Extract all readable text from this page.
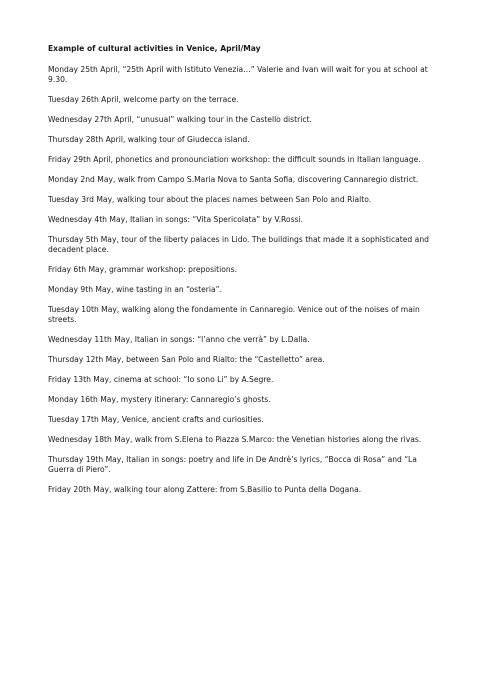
Example of cultural activities in Venice, April/May

Monday 25th April, “25th April with Istituto Venezia…” Valerie and Ivan will wait for you at school at 9.30.

Tuesday 26th April, welcome party on the terrace.

Wednesday 27th April, “unusual” walking tour in the Castello district.

Thursday 28th April, walking tour of Giudecca island.

Friday 29th April, phonetics and pronounciation workshop: the difficult sounds in Italian language.

Monday 2nd May, walk from Campo S.Maria Nova to Santa Sofia, discovering Cannaregio district.

Tuesday 3rd May, walking tour about the places names between San Polo and Rialto.

Wednesday 4th May, Italian in songs: “Vita Spericolata” by V.Rossi.

Thursday 5th May, tour of the liberty palaces in Lido. The buildings that made it a sophisticated and decadent place.

Friday 6th May, grammar workshop: prepositions.

Monday 9th May, wine tasting in an “osteria”.

Tuesday 10th May, walking along the fondamente in Cannaregio. Venice out of the noises of main streets.

Wednesday 11th May, Italian in songs: “l’anno che verrà” by L.Dalla.

Thursday 12th May, between San Polo and Rialto: the “Castelletto” area.

Friday 13th May, cinema at school: “Io sono Li” by A.Segre.

Monday 16th May, mystery itinerary: Cannaregio’s ghosts.

Tuesday 17th May, Venice, ancient crafts and curiosities.

Wednesday 18th May, walk from S.Elena to Piazza S.Marco: the Venetian histories along the rivas.

Thursday 19th May, Italian in songs: poetry and life in De Andrè’s lyrics, “Bocca di Rosa” and “La Guerra di Piero”.

Friday 20th May, walking tour along Zattere: from S.Basilio to Punta della Dogana.
